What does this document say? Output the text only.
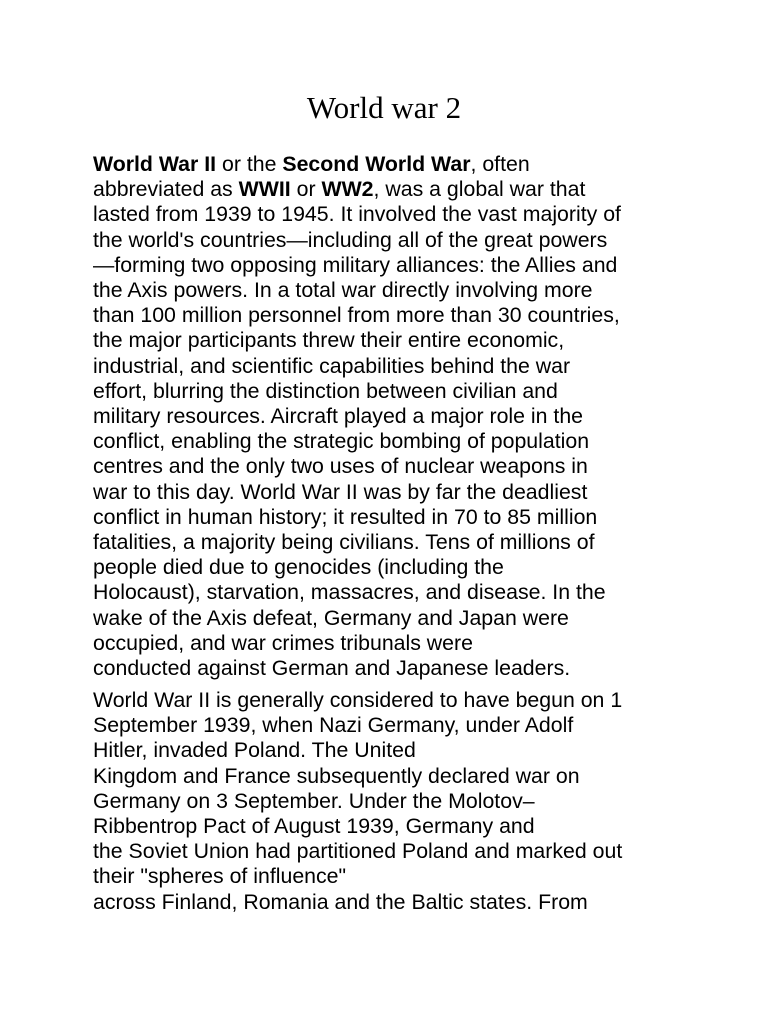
World war 2

World War II or the Second World War, often
abbreviated as WWII or WW2, was a global war that
lasted from 1939 to 1945. It involved the vast majority of
the world's countries—including all of the great powers
—forming two opposing military alliances: the Allies and
the Axis powers. In a total war directly involving more
than 100 million personnel from more than 30 countries,
the major participants threw their entire economic,
industrial, and scientific capabilities behind the war
effort, blurring the distinction between civilian and
military resources. Aircraft played a major role in the
conflict, enabling the strategic bombing of population
centres and the only two uses of nuclear weapons in
war to this day. World War II was by far the deadliest
conflict in human history; it resulted in 70 to 85 million
fatalities, a majority being civilians. Tens of millions of
people died due to genocides (including the
Holocaust), starvation, massacres, and disease. In the
wake of the Axis defeat, Germany and Japan were
occupied, and war crimes tribunals were
conducted against German and Japanese leaders.

World War II is generally considered to have begun on 1
September 1939, when Nazi Germany, under Adolf
Hitler, invaded Poland. The United
Kingdom and France subsequently declared war on
Germany on 3 September. Under the Molotov–
Ribbentrop Pact of August 1939, Germany and
the Soviet Union had partitioned Poland and marked out
their "spheres of influence"
across Finland, Romania and the Baltic states. From
